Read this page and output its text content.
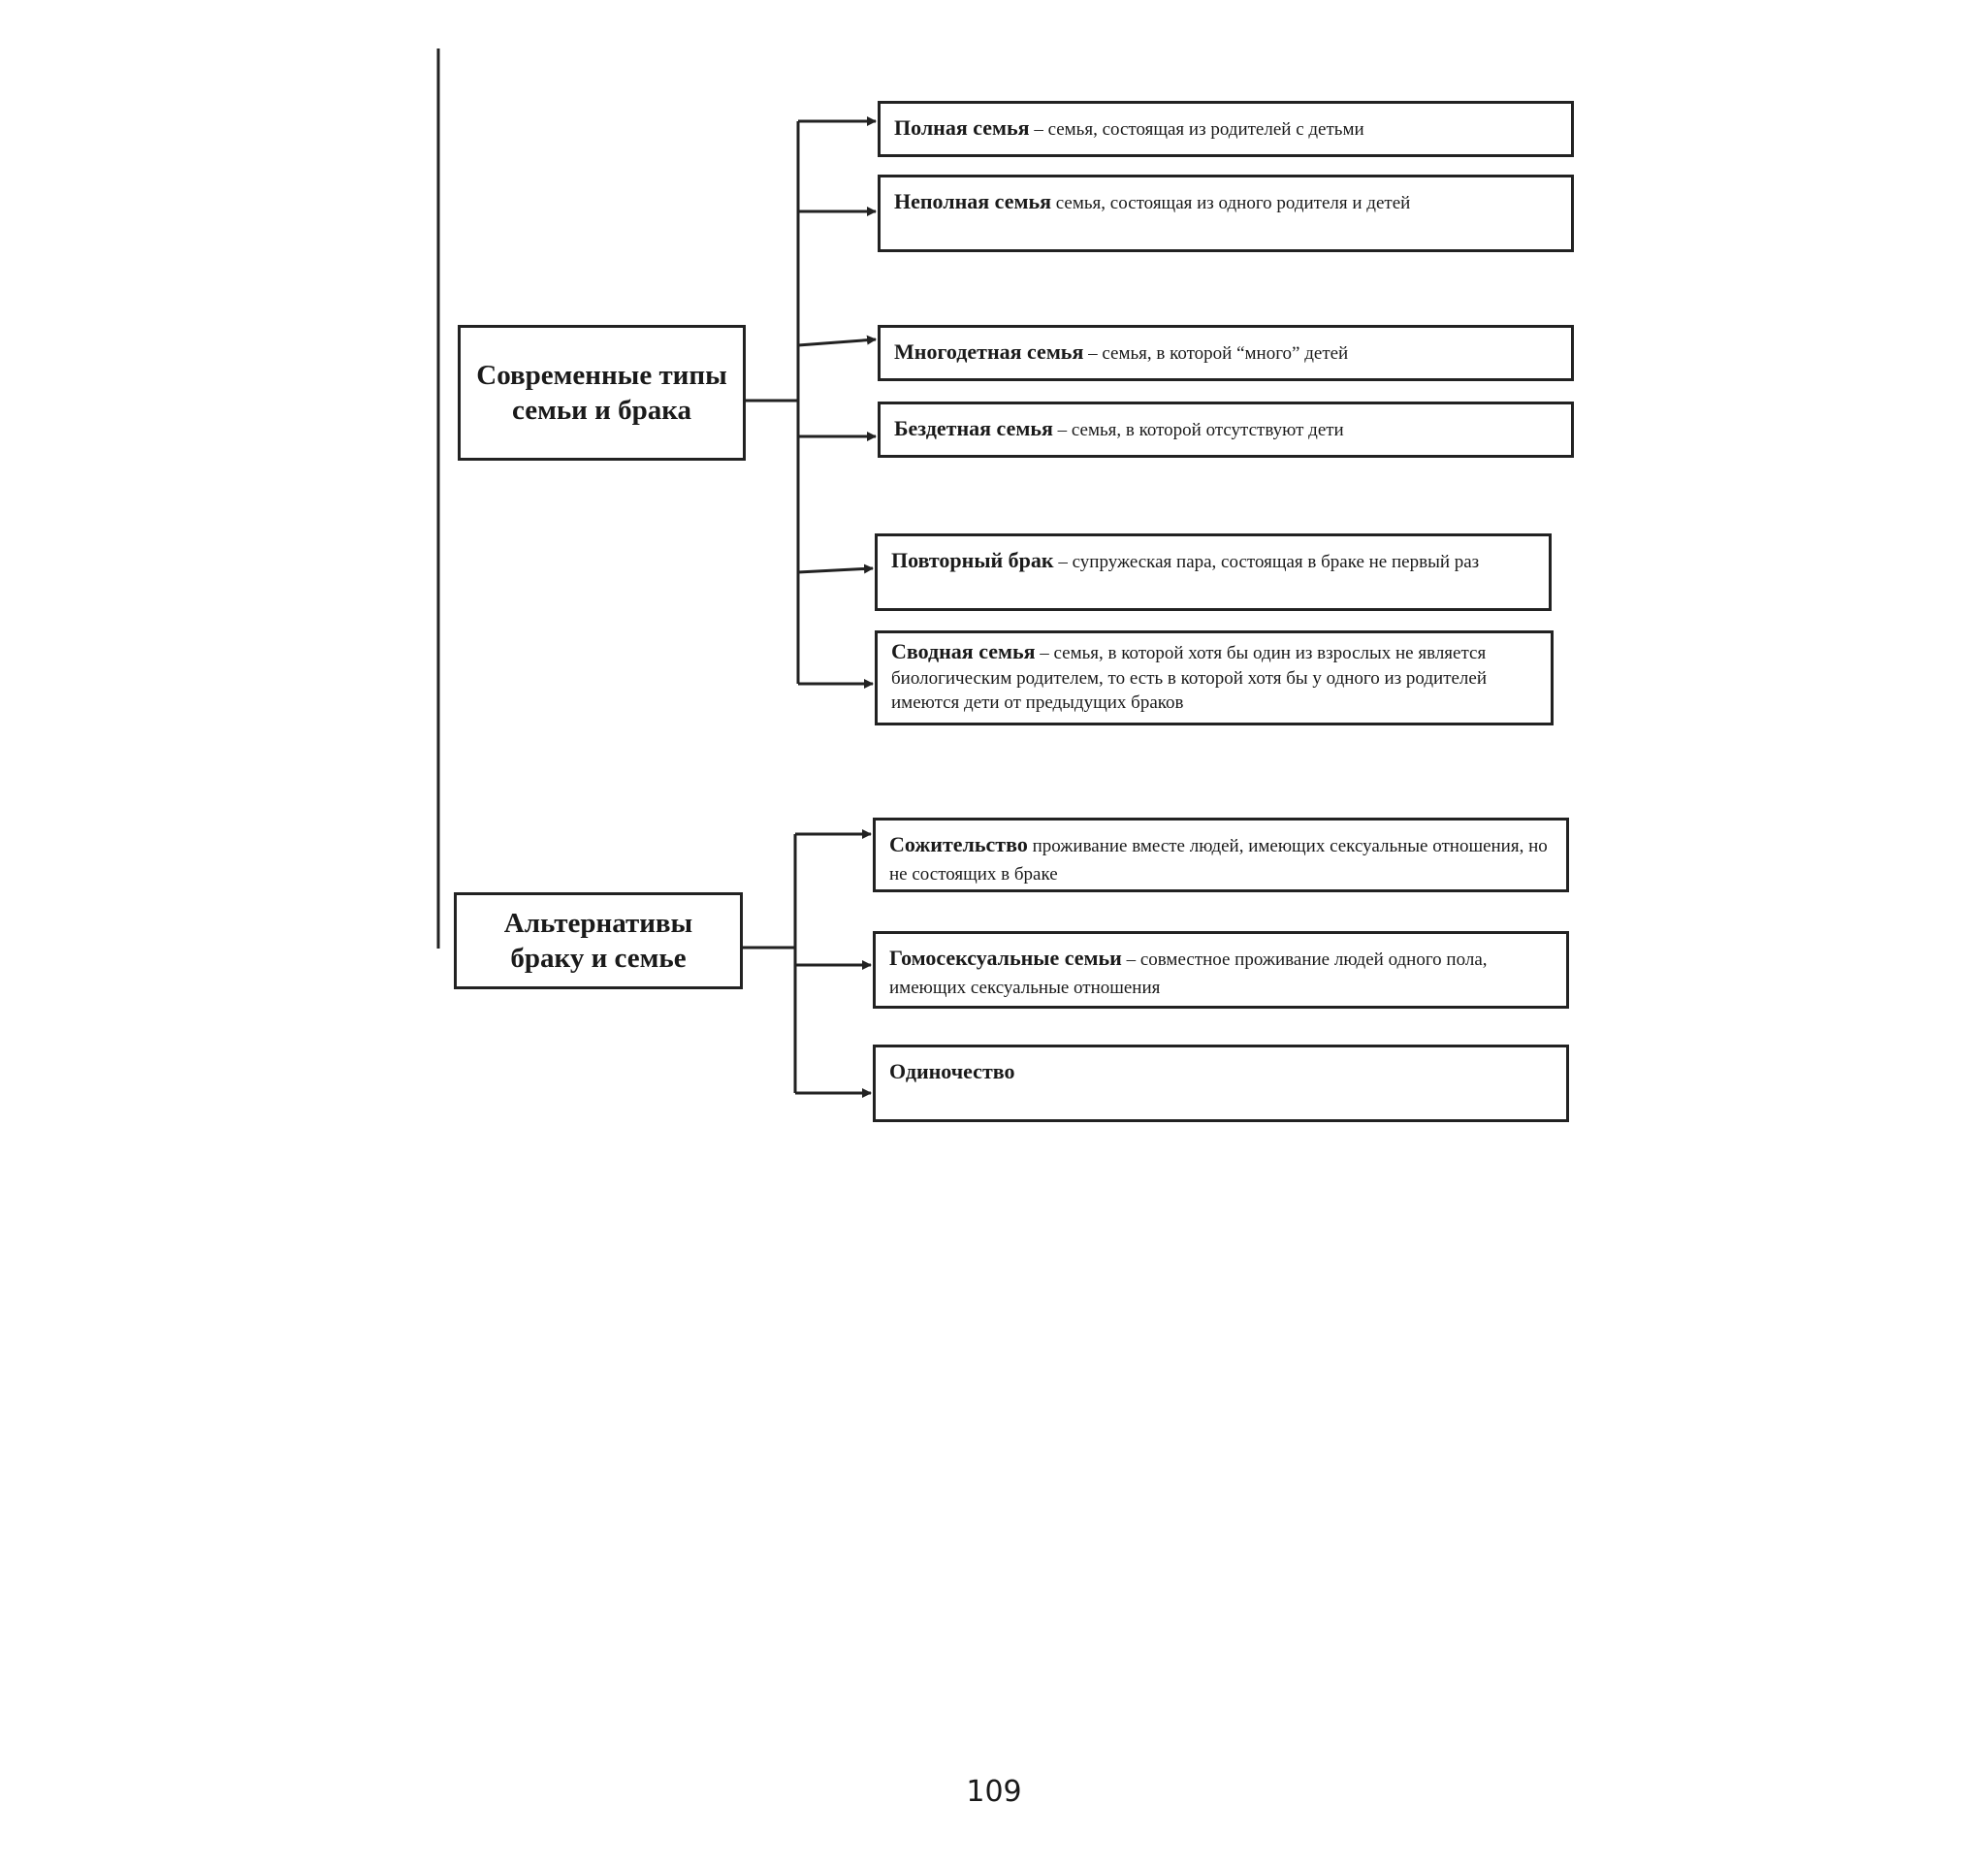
Современные типы семьи и брака
Альтернативы браку и семье
Полная семья – семья, состоящая из родителей с детьми
Неполная семья семья, состоящая из одного родителя и детей
Многодетная семья – семья, в которой “много” детей
Бездетная семья – семья, в которой отсутствуют дети
Повторный брак – супружеская пара, состоящая в браке не первый раз
Сводная семья – семья, в которой хотя бы один из взрослых не является биологическим родителем, то есть в которой хотя бы у одного из родителей имеются дети от предыдущих браков
Сожительство проживание вместе людей, имеющих сексуальные отношения, но не состоящих в браке
Гомосексуальные семьи – совместное проживание людей одного пола, имеющих сексуальные отношения
Одиночество
109
